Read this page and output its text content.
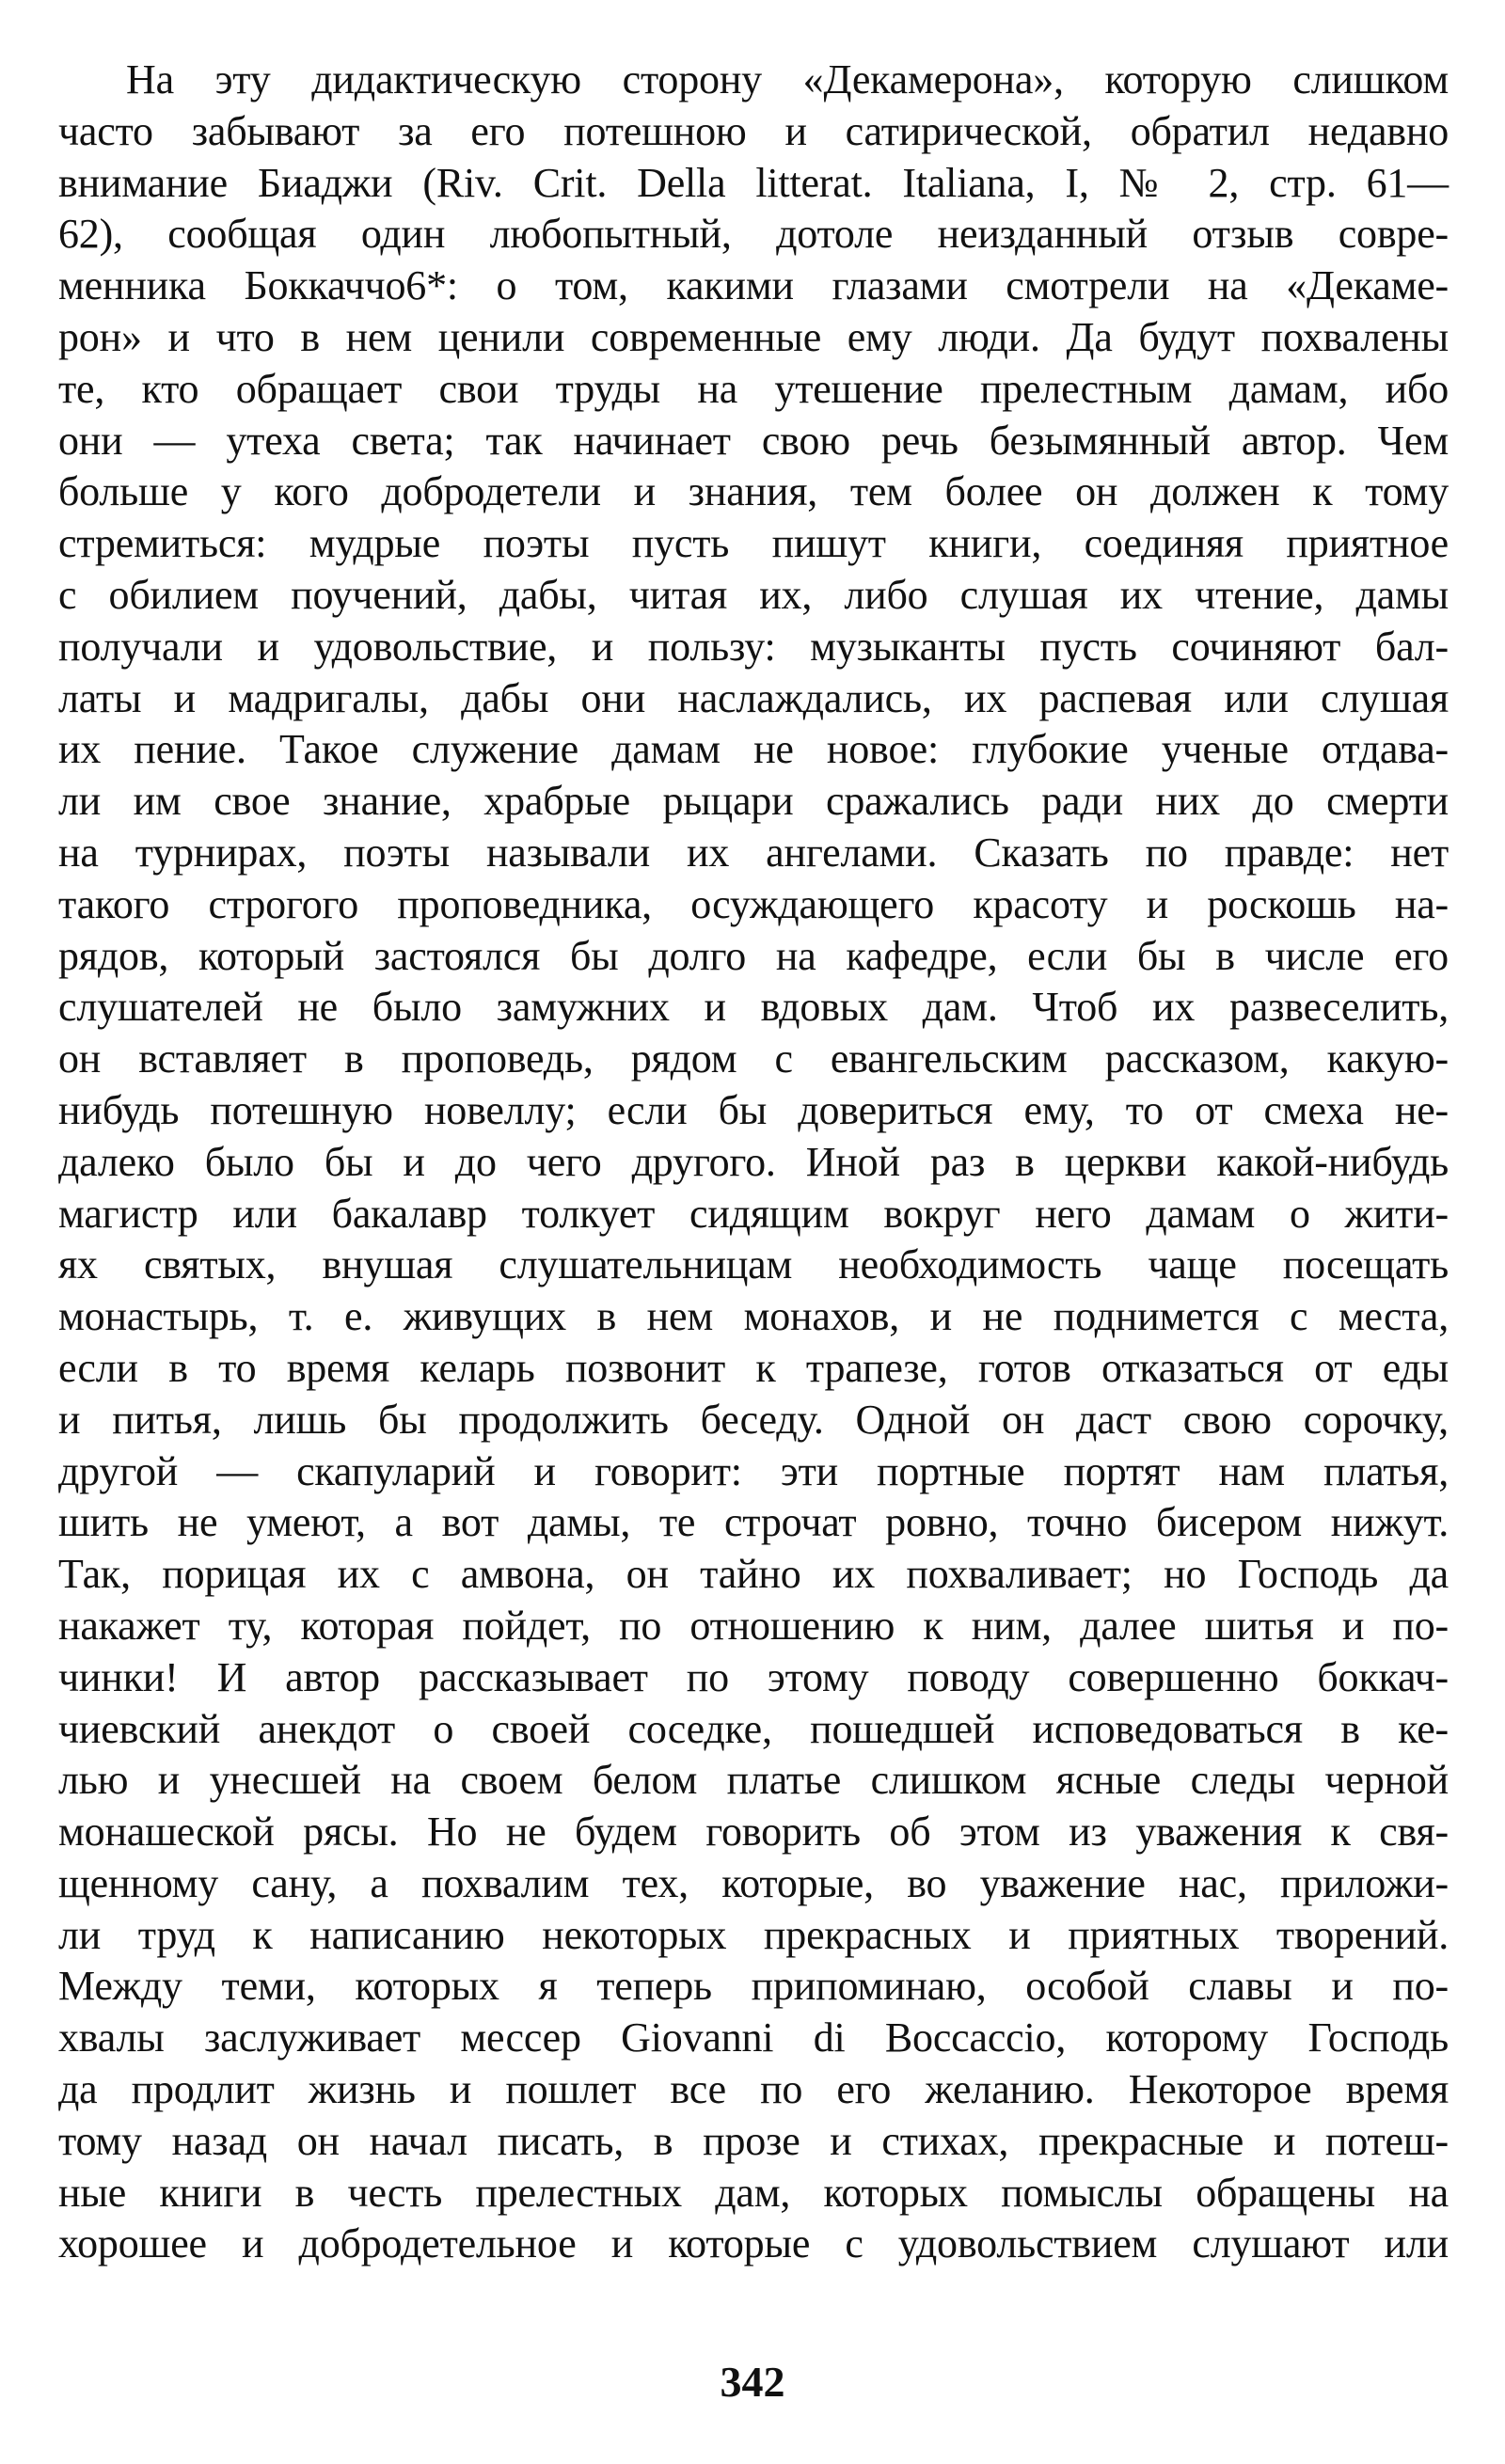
На эту дидактическую сторону «Декамерона», которую слишком
часто забывают за его потешною и сатирической, обратил недавно
внимание Биаджи (Riv. Crit. Della litterat. Italiana, I, № 2, стр. 61—
62), сообщая один любопытный, дотоле неизданный отзыв совре-
менника Боккаччо6*: о том, какими глазами смотрели на «Декаме-
рон» и что в нем ценили современные ему люди. Да будут похвалены
те, кто обращает свои труды на утешение прелестным дамам, ибо
они — утеха света; так начинает свою речь безымянный автор. Чем
больше у кого добродетели и знания, тем более он должен к тому
стремиться: мудрые поэты пусть пишут книги, соединяя приятное
с обилием поучений, дабы, читая их, либо слушая их чтение, дамы
получали и удовольствие, и пользу: музыканты пусть сочиняют бал-
латы и мадригалы, дабы они наслаждались, их распевая или слушая
их пение. Такое служение дамам не новое: глубокие ученые отдава-
ли им свое знание, храбрые рыцари сражались ради них до смерти
на турнирах, поэты называли их ангелами. Сказать по правде: нет
такого строгого проповедника, осуждающего красоту и роскошь на-
рядов, который застоялся бы долго на кафедре, если бы в числе его
слушателей не было замужних и вдовых дам. Чтоб их развеселить,
он вставляет в проповедь, рядом с евангельским рассказом, какую-
нибудь потешную новеллу; если бы довериться ему, то от смеха не-
далеко было бы и до чего другого. Иной раз в церкви какой-нибудь
магистр или бакалавр толкует сидящим вокруг него дамам о жити-
ях святых, внушая слушательницам необходимость чаще посещать
монастырь, т. е. живущих в нем монахов, и не поднимется с места,
если в то время келарь позвонит к трапезе, готов отказаться от еды
и питья, лишь бы продолжить беседу. Одной он даст свою сорочку,
другой — скапуларий и говорит: эти портные портят нам платья,
шить не умеют, а вот дамы, те строчат ровно, точно бисером нижут.
Так, порицая их с амвона, он тайно их похваливает; но Господь да
накажет ту, которая пойдет, по отношению к ним, далее шитья и по-
чинки! И автор рассказывает по этому поводу совершенно боккач-
чиевский анекдот о своей соседке, пошедшей исповедоваться в ке-
лью и унесшей на своем белом платье слишком ясные следы черной
монашеской рясы. Но не будем говорить об этом из уважения к свя-
щенному сану, а похвалим тех, которые, во уважение нас, приложи-
ли труд к написанию некоторых прекрасных и приятных творений.
Между теми, которых я теперь припоминаю, особой славы и по-
хвалы заслуживает мессер Giovanni di Boccaccio, которому Господь
да продлит жизнь и пошлет все по его желанию. Некоторое время
тому назад он начал писать, в прозе и стихах, прекрасные и потеш-
ные книги в честь прелестных дам, которых помыслы обращены на
хорошее и добродетельное и которые с удовольствием слушают или
342
